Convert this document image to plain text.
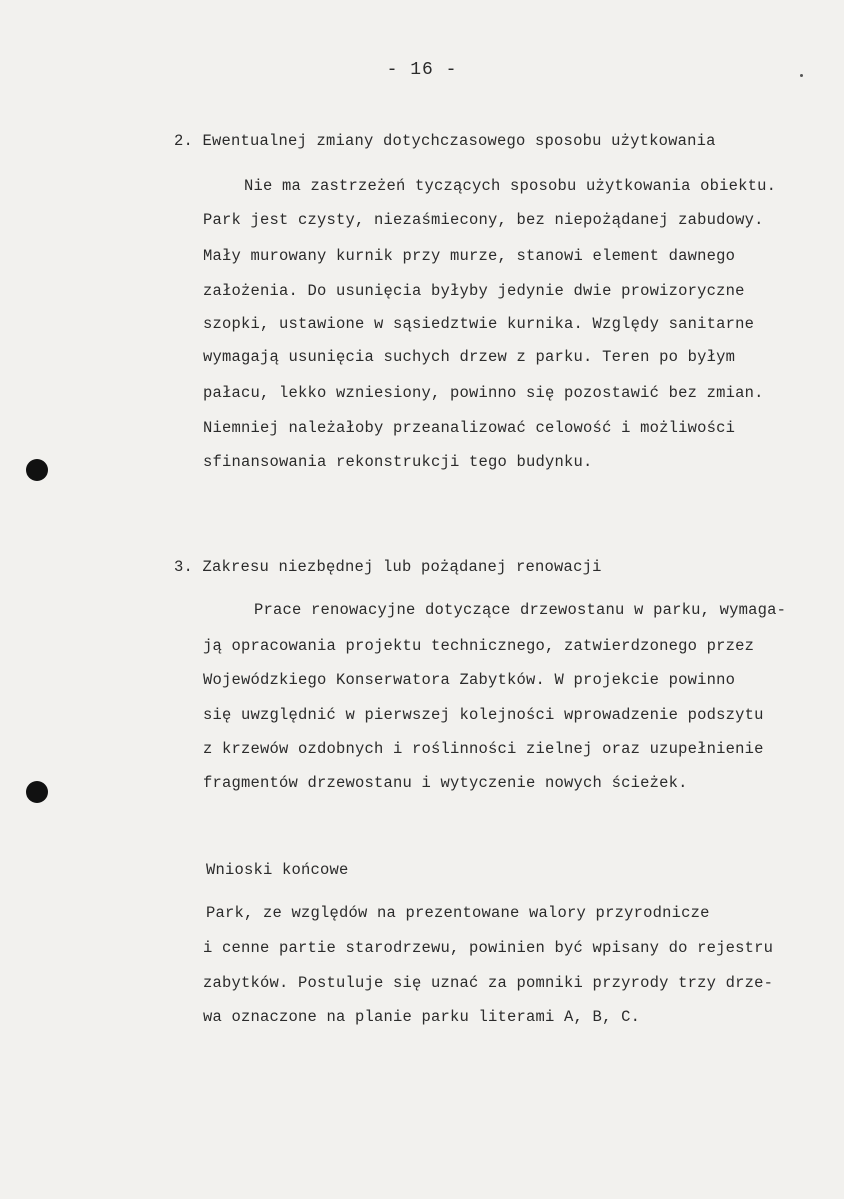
- 16 -
2. Ewentualnej zmiany dotychczasowego sposobu użytkowania
Nie ma zastrzeżeń tyczących sposobu użytkowania obiektu.
Park jest czysty, niezaśmiecony, bez niepożądanej zabudowy.
Mały murowany kurnik przy murze, stanowi element dawnego
założenia. Do usunięcia byłyby jedynie dwie prowizoryczne
szopki, ustawione w sąsiedztwie kurnika. Względy sanitarne
wymagają usunięcia suchych drzew z parku. Teren po byłym
pałacu, lekko wzniesiony, powinno się pozostawić bez zmian.
Niemniej należałoby przeanalizować celowość i możliwości
sfinansowania rekonstrukcji tego budynku.
3. Zakresu niezbędnej lub pożądanej renowacji
Prace renowacyjne dotyczące drzewostanu w parku, wymaga-
ją opracowania projektu technicznego, zatwierdzonego przez
Wojewódzkiego Konserwatora Zabytków. W projekcie powinno
się uwzględnić w pierwszej kolejności wprowadzenie podszytu
z krzewów ozdobnych i roślinności zielnej oraz uzupełnienie
fragmentów drzewostanu i wytyczenie nowych ścieżek.
Wnioski końcowe
Park, ze względów na prezentowane walory przyrodnicze
i cenne partie starodrzewu, powinien być wpisany do rejestru
zabytków. Postuluje się uznać za pomniki przyrody trzy drze-
wa oznaczone na planie parku literami A, B, C.
